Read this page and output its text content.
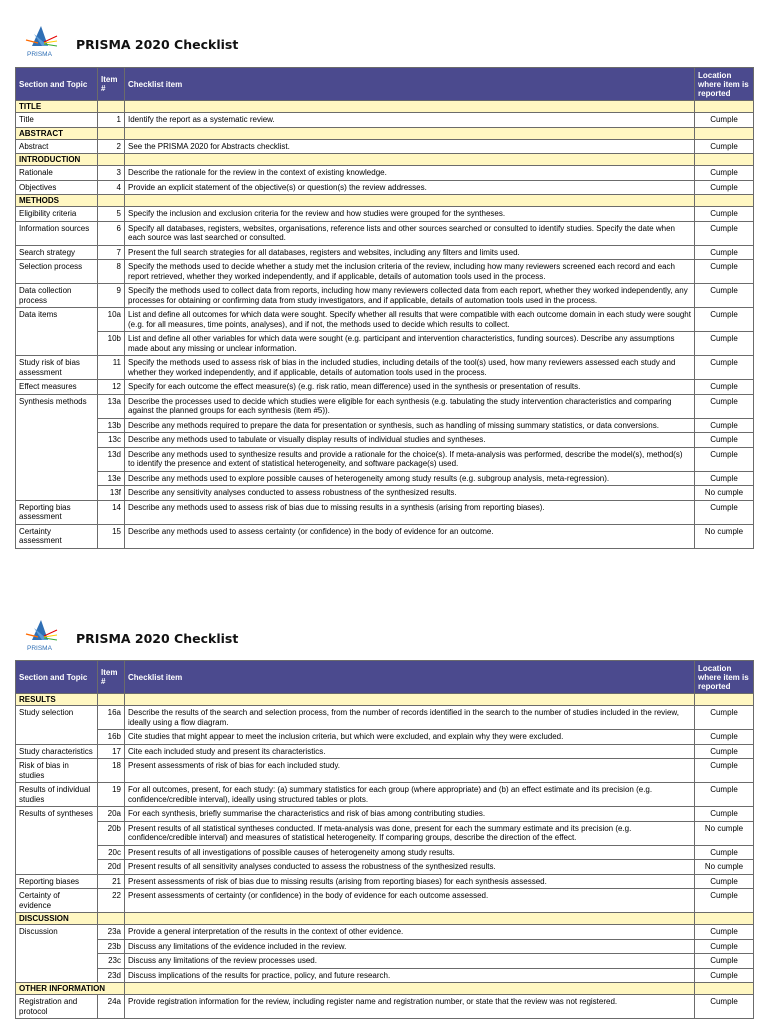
PRISMA
PRISMA 2020 Checklist
Section and Topic	Item #	Checklist item	Location where item is reported
TITLE			
Title	1	Identify the report as a systematic review.	Cumple
ABSTRACT			
Abstract	2	See the PRISMA 2020 for Abstracts checklist.	Cumple
INTRODUCTION			
Rationale	3	Describe the rationale for the review in the context of existing knowledge.	Cumple
Objectives	4	Provide an explicit statement of the objective(s) or question(s) the review addresses.	Cumple
METHODS			
Eligibility criteria	5	Specify the inclusion and exclusion criteria for the review and how studies were grouped for the syntheses.	Cumple
Information sources	6	Specify all databases, registers, websites, organisations, reference lists and other sources searched or consulted to identify studies. Specify the date when each source was last searched or consulted.	Cumple
Search strategy	7	Present the full search strategies for all databases, registers and websites, including any filters and limits used.	Cumple
Selection process	8	Specify the methods used to decide whether a study met the inclusion criteria of the review, including how many reviewers screened each record and each report retrieved, whether they worked independently, and if applicable, details of automation tools used in the process.	Cumple
Data collection process	9	Specify the methods used to collect data from reports, including how many reviewers collected data from each report, whether they worked independently, any processes for obtaining or confirming data from study investigators, and if applicable, details of automation tools used in the process.	Cumple
Data items	10a	List and define all outcomes for which data were sought. Specify whether all results that were compatible with each outcome domain in each study were sought (e.g. for all measures, time points, analyses), and if not, the methods used to decide which results to collect.	Cumple
	10b	List and define all other variables for which data were sought (e.g. participant and intervention characteristics, funding sources). Describe any assumptions made about any missing or unclear information.	Cumple
Study risk of bias assessment	11	Specify the methods used to assess risk of bias in the included studies, including details of the tool(s) used, how many reviewers assessed each study and whether they worked independently, and if applicable, details of automation tools used in the process.	Cumple
Effect measures	12	Specify for each outcome the effect measure(s) (e.g. risk ratio, mean difference) used in the synthesis or presentation of results.	Cumple
Synthesis methods	13a	Describe the processes used to decide which studies were eligible for each synthesis (e.g. tabulating the study intervention characteristics and comparing against the planned groups for each synthesis (item #5)).	Cumple
	13b	Describe any methods required to prepare the data for presentation or synthesis, such as handling of missing summary statistics, or data conversions.	Cumple
	13c	Describe any methods used to tabulate or visually display results of individual studies and syntheses.	Cumple
	13d	Describe any methods used to synthesize results and provide a rationale for the choice(s). If meta-analysis was performed, describe the model(s), method(s) to identify the presence and extent of statistical heterogeneity, and software package(s) used.	Cumple
	13e	Describe any methods used to explore possible causes of heterogeneity among study results (e.g. subgroup analysis, meta-regression).	Cumple
	13f	Describe any sensitivity analyses conducted to assess robustness of the synthesized results.	No cumple
Reporting bias assessment	14	Describe any methods used to assess risk of bias due to missing results in a synthesis (arising from reporting biases).	Cumple
Certainty assessment	15	Describe any methods used to assess certainty (or confidence) in the body of evidence for an outcome.	No cumple
PRISMA
PRISMA 2020 Checklist
Section and Topic	Item #	Checklist item	Location where item is reported
RESULTS			
Study selection	16a	Describe the results of the search and selection process, from the number of records identified in the search to the number of studies included in the review, ideally using a flow diagram.	Cumple
	16b	Cite studies that might appear to meet the inclusion criteria, but which were excluded, and explain why they were excluded.	Cumple
Study characteristics	17	Cite each included study and present its characteristics.	Cumple
Risk of bias in studies	18	Present assessments of risk of bias for each included study.	Cumple
Results of individual studies	19	For all outcomes, present, for each study: (a) summary statistics for each group (where appropriate) and (b) an effect estimate and its precision (e.g. confidence/credible interval), ideally using structured tables or plots.	Cumple
Results of syntheses	20a	For each synthesis, briefly summarise the characteristics and risk of bias among contributing studies.	Cumple
	20b	Present results of all statistical syntheses conducted. If meta-analysis was done, present for each the summary estimate and its precision (e.g. confidence/credible interval) and measures of statistical heterogeneity. If comparing groups, describe the direction of the effect.	No cumple
	20c	Present results of all investigations of possible causes of heterogeneity among study results.	Cumple
	20d	Present results of all sensitivity analyses conducted to assess the robustness of the synthesized results.	No cumple
Reporting biases	21	Present assessments of risk of bias due to missing results (arising from reporting biases) for each synthesis assessed.	Cumple
Certainty of evidence	22	Present assessments of certainty (or confidence) in the body of evidence for each outcome assessed.	Cumple
DISCUSSION			
Discussion	23a	Provide a general interpretation of the results in the context of other evidence.	Cumple
	23b	Discuss any limitations of the evidence included in the review.	Cumple
	23c	Discuss any limitations of the review processes used.	Cumple
	23d	Discuss implications of the results for practice, policy, and future research.	Cumple
OTHER INFORMATION			
Registration and protocol	24a	Provide registration information for the review, including register name and registration number, or state that the review was not registered.	Cumple
